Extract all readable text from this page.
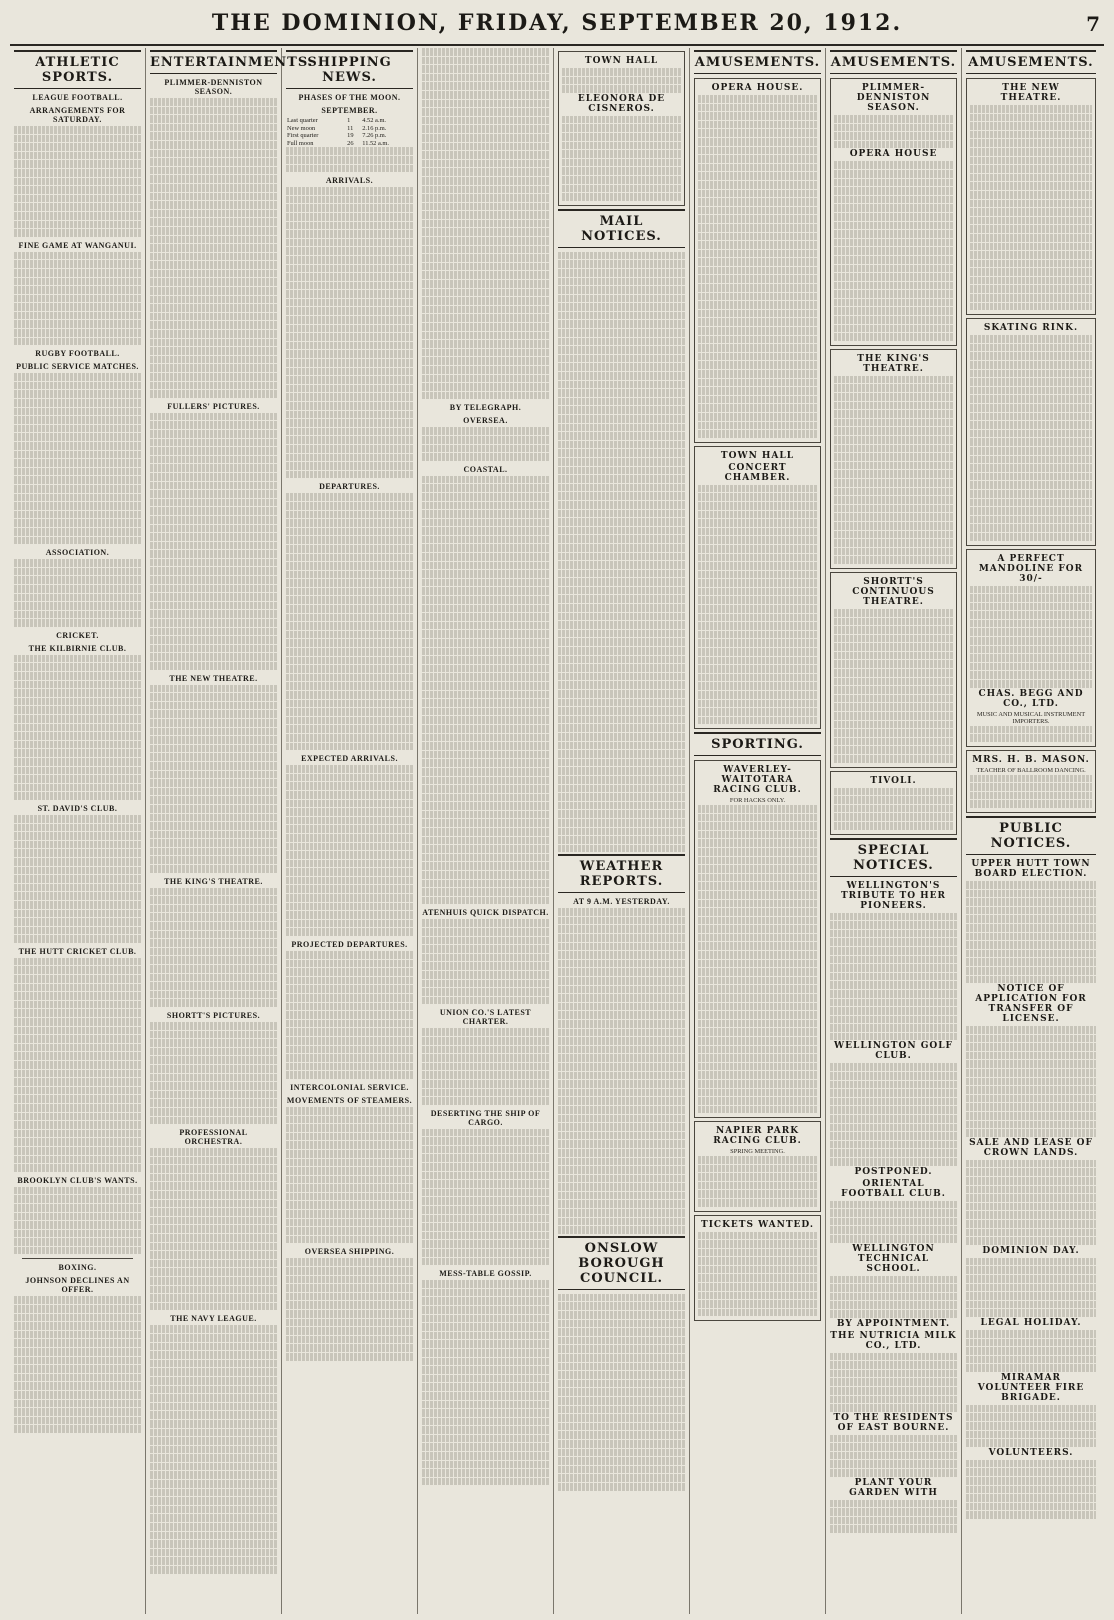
THE DOMINION, FRIDAY, SEPTEMBER 20, 1912.	7
ATHLETIC SPORTS.
LEAGUE FOOTBALL.
ARRANGEMENTS FOR SATURDAY.
FINE GAME AT WANGANUI.
RUGBY FOOTBALL.
PUBLIC SERVICE MATCHES.
ASSOCIATION.
CRICKET.
THE KILBIRNIE CLUB.
ST. DAVID'S CLUB.
THE HUTT CRICKET CLUB.
BROOKLYN CLUB'S WANTS.
BOXING.
JOHNSON DECLINES AN OFFER.
ENTERTAINMENTS.
PLIMMER-DENNISTON SEASON.
FULLERS' PICTURES.
THE NEW THEATRE.
THE KING'S THEATRE.
SHORTT'S PICTURES.
PROFESSIONAL ORCHESTRA.
THE NAVY LEAGUE.
SHIPPING NEWS.
PHASES OF THE MOON.
SEPTEMBER.
Last quarter	1	4.52 a.m.
New moon	11	2.16 p.m.
First quarter	19	7.26 p.m.
Full moon	26	11.52 a.m.
ARRIVALS.
DEPARTURES.
EXPECTED ARRIVALS.
PROJECTED DEPARTURES.
INTERCOLONIAL SERVICE.
MOVEMENTS OF STEAMERS.
OVERSEA SHIPPING.
BY TELEGRAPH.
OVERSEA.
COASTAL.
ATENHUIS QUICK DISPATCH.
UNION CO.'S LATEST CHARTER.
DESERTING THE SHIP OF CARGO.
MESS-TABLE GOSSIP.
TOWN HALL
ELEONORA DE CISNEROS.
MAIL NOTICES.
WEATHER REPORTS.
AT 9 A.M. YESTERDAY.
ONSLOW BOROUGH COUNCIL.
AMUSEMENTS.
OPERA HOUSE.
TOWN HALL
CONCERT CHAMBER.
SPORTING.
WAVERLEY-WAITOTARA RACING CLUB.
FOR HACKS ONLY.
NAPIER PARK RACING CLUB.
SPRING MEETING.
TICKETS WANTED.
AMUSEMENTS.
PLIMMER-DENNISTON SEASON.
OPERA HOUSE
THE KING'S THEATRE.
SHORTT'S CONTINUOUS THEATRE.
TIVOLI.
SPECIAL NOTICES.
WELLINGTON'S TRIBUTE TO HER PIONEERS.
WELLINGTON GOLF CLUB.
POSTPONED.
ORIENTAL FOOTBALL CLUB.
WELLINGTON TECHNICAL SCHOOL.
BY APPOINTMENT.
THE NUTRICIA MILK CO., LTD.
TO THE RESIDENTS OF EAST BOURNE.
PLANT YOUR GARDEN WITH
AMUSEMENTS.
THE NEW THEATRE.
SKATING RINK.
A PERFECT MANDOLINE FOR 30/-
CHAS. BEGG AND CO., LTD.
MUSIC AND MUSICAL INSTRUMENT IMPORTERS.
MRS. H. B. MASON.
TEACHER OF BALLROOM DANCING.
PUBLIC NOTICES.
UPPER HUTT TOWN BOARD ELECTION.
NOTICE OF APPLICATION FOR TRANSFER OF LICENSE.
SALE AND LEASE OF CROWN LANDS.
DOMINION DAY.
LEGAL HOLIDAY.
MIRAMAR VOLUNTEER FIRE BRIGADE.
VOLUNTEERS.
